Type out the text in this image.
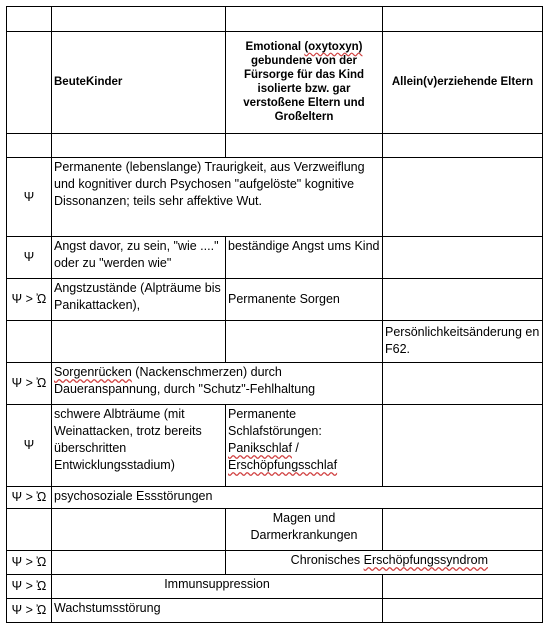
	BeuteKinder	Emotional (oxytoxyn) gebundene von der Fürsorge für das Kind isolierte bzw. gar verstoßene Eltern und Großeltern	Allein(v)erziehende Eltern

Ψ	Permanente (lebenslange) Traurigkeit, aus Verzweiflung und kognitiver durch Psychosen "aufgelöste" kognitive Dissonanzen; teils sehr affektive Wut.		
Ψ	Angst davor, zu sein, "wie ...." oder zu "werden wie"	beständige Angst ums Kind	
Ψ > Ὠ	Angstzustände (Alpträume bis Panikattacken),	Permanente Sorgen	
			Persönlichkeitsänderung en F62.
Ψ > Ὠ	Sorgenrücken (Nackenschmerzen) durch Daueranspannung, durch "Schutz"-Fehlhaltung		
Ψ	schwere Albträume (mit Weinattacken, trotz bereits überschritten Entwicklungsstadium)	Permanente Schlafstörungen: Panikschlaf / Erschöpfungsschlaf	
Ψ > Ὠ	psychosoziale Essstörungen		
		Magen und Darmerkrankungen	
Ψ > Ὠ		Chronisches Erschöpfungssyndrom	
Ψ > Ὠ	Immunsuppression		
Ψ > Ὠ	Wachstumsstörung		
